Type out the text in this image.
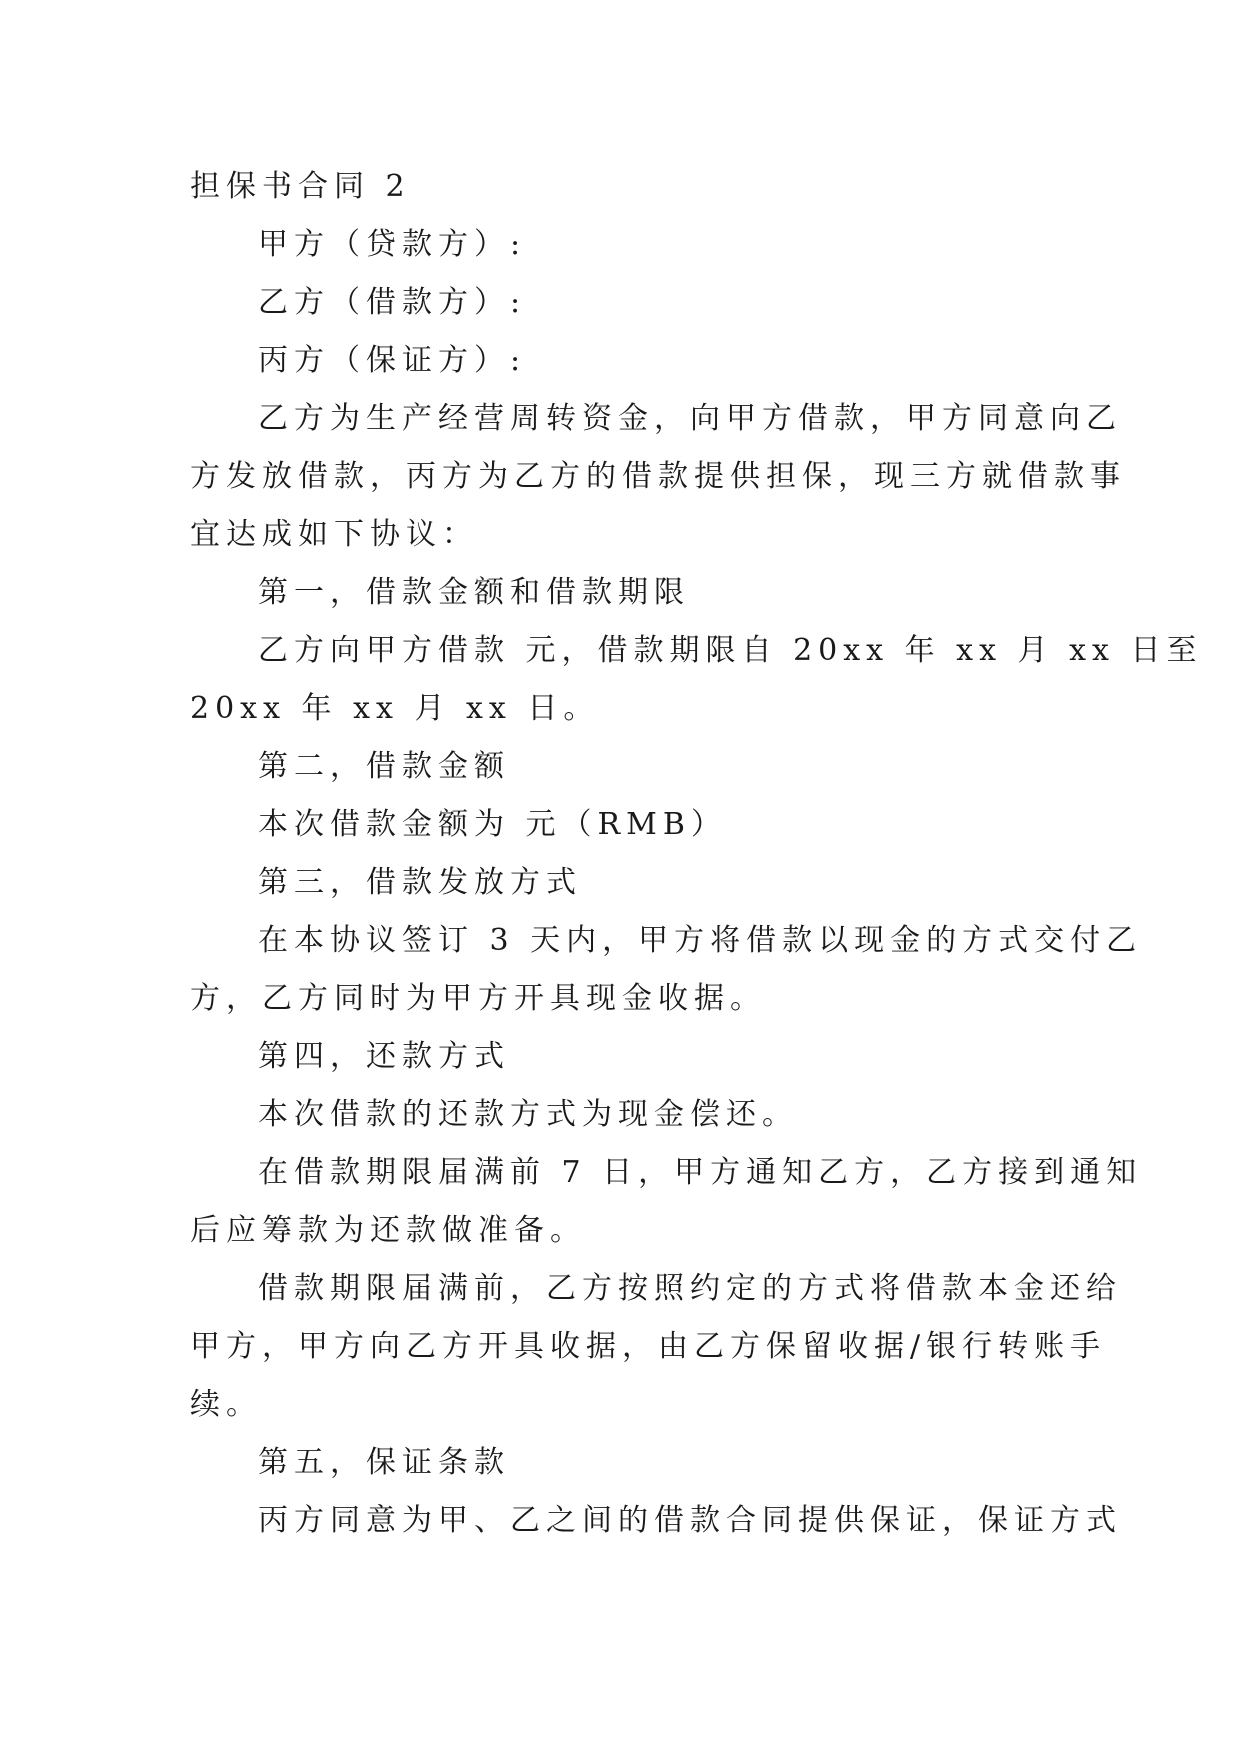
担保书合同 2
甲方（贷款方）:
乙方（借款方）:
丙方（保证方）:
乙方为生产经营周转资金，向甲方借款，甲方同意向乙
方发放借款，丙方为乙方的借款提供担保，现三方就借款事
宜达成如下协议：
第一，借款金额和借款期限
乙方向甲方借款 元，借款期限自 20xx 年 xx 月 xx 日至
20xx 年 xx 月 xx 日。
第二，借款金额
本次借款金额为 元（RMB）
第三，借款发放方式
在本协议签订 3 天内，甲方将借款以现金的方式交付乙
方，乙方同时为甲方开具现金收据。
第四，还款方式
本次借款的还款方式为现金偿还。
在借款期限届满前 7 日，甲方通知乙方，乙方接到通知
后应筹款为还款做准备。
借款期限届满前，乙方按照约定的方式将借款本金还给
甲方，甲方向乙方开具收据，由乙方保留收据/银行转账手
续。
第五，保证条款
丙方同意为甲、乙之间的借款合同提供保证，保证方式
